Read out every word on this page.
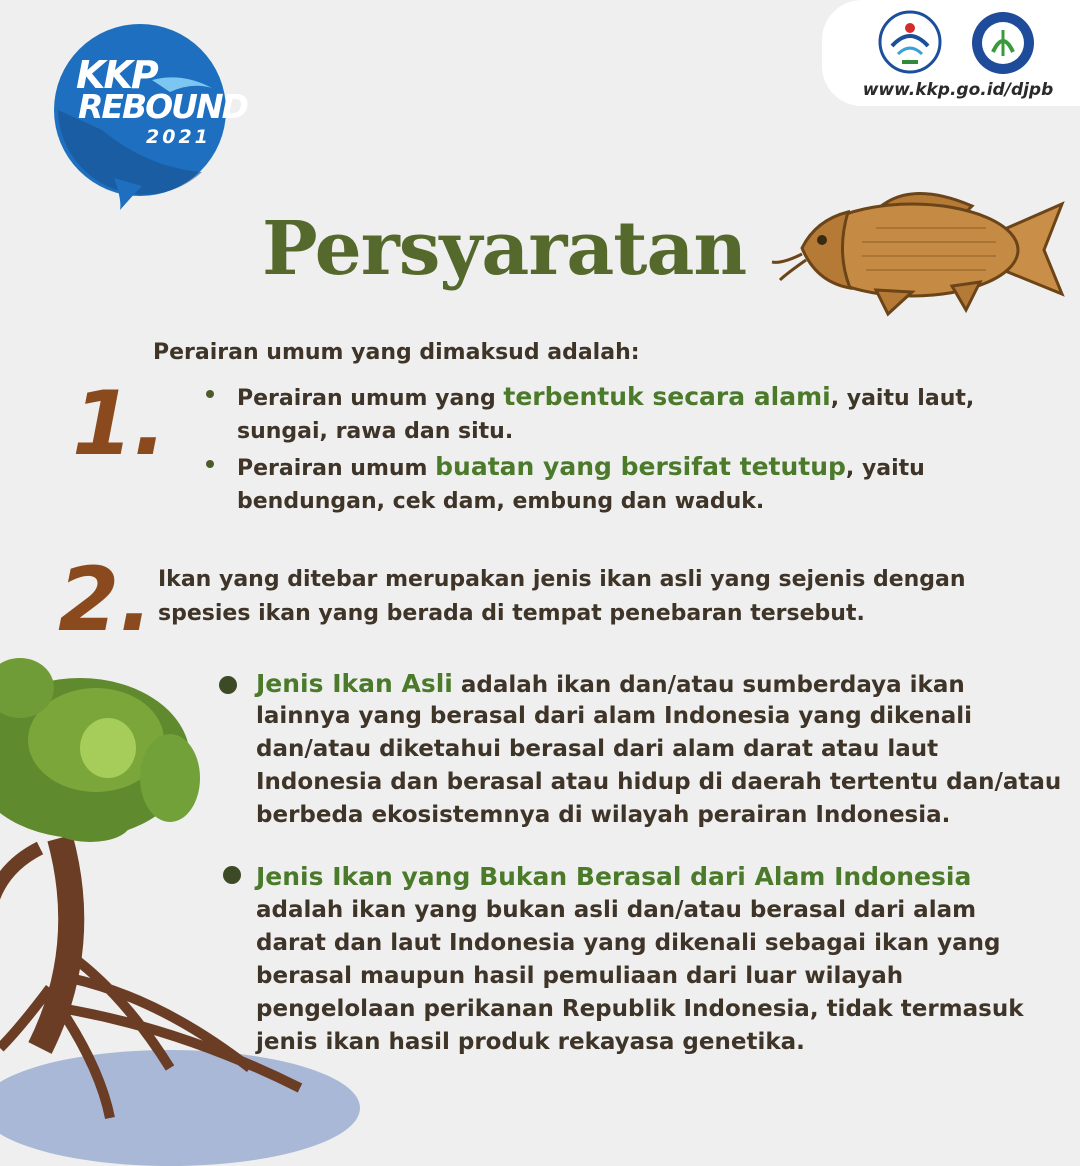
www.kkp.go.id/djpb
KKP
REBOUND
2021
Persyaratan
1.
Perairan umum yang dimaksud adalah:
Perairan umum yang terbentuk secara alami, yaitu laut,
sungai, rawa dan situ.
Perairan umum buatan yang bersifat tetutup, yaitu
bendungan, cek dam, embung dan waduk.
2. Ikan yang ditebar merupakan jenis ikan asli yang sejenis dengan
spesies ikan yang berada di tempat penebaran tersebut.
Jenis Ikan Asli adalah ikan dan/atau sumberdaya ikan
lainnya yang berasal dari alam Indonesia yang dikenali
dan/atau diketahui berasal dari alam darat atau laut
Indonesia dan berasal atau hidup di daerah tertentu dan/atau
berbeda ekosistemnya di wilayah perairan Indonesia.
Jenis Ikan yang Bukan Berasal dari Alam Indonesia
adalah ikan yang bukan asli dan/atau berasal dari alam
darat dan laut Indonesia yang dikenali sebagai ikan yang
berasal maupun hasil pemuliaan dari luar wilayah
pengelolaan perikanan Republik Indonesia, tidak termasuk
jenis ikan hasil produk rekayasa genetika.
